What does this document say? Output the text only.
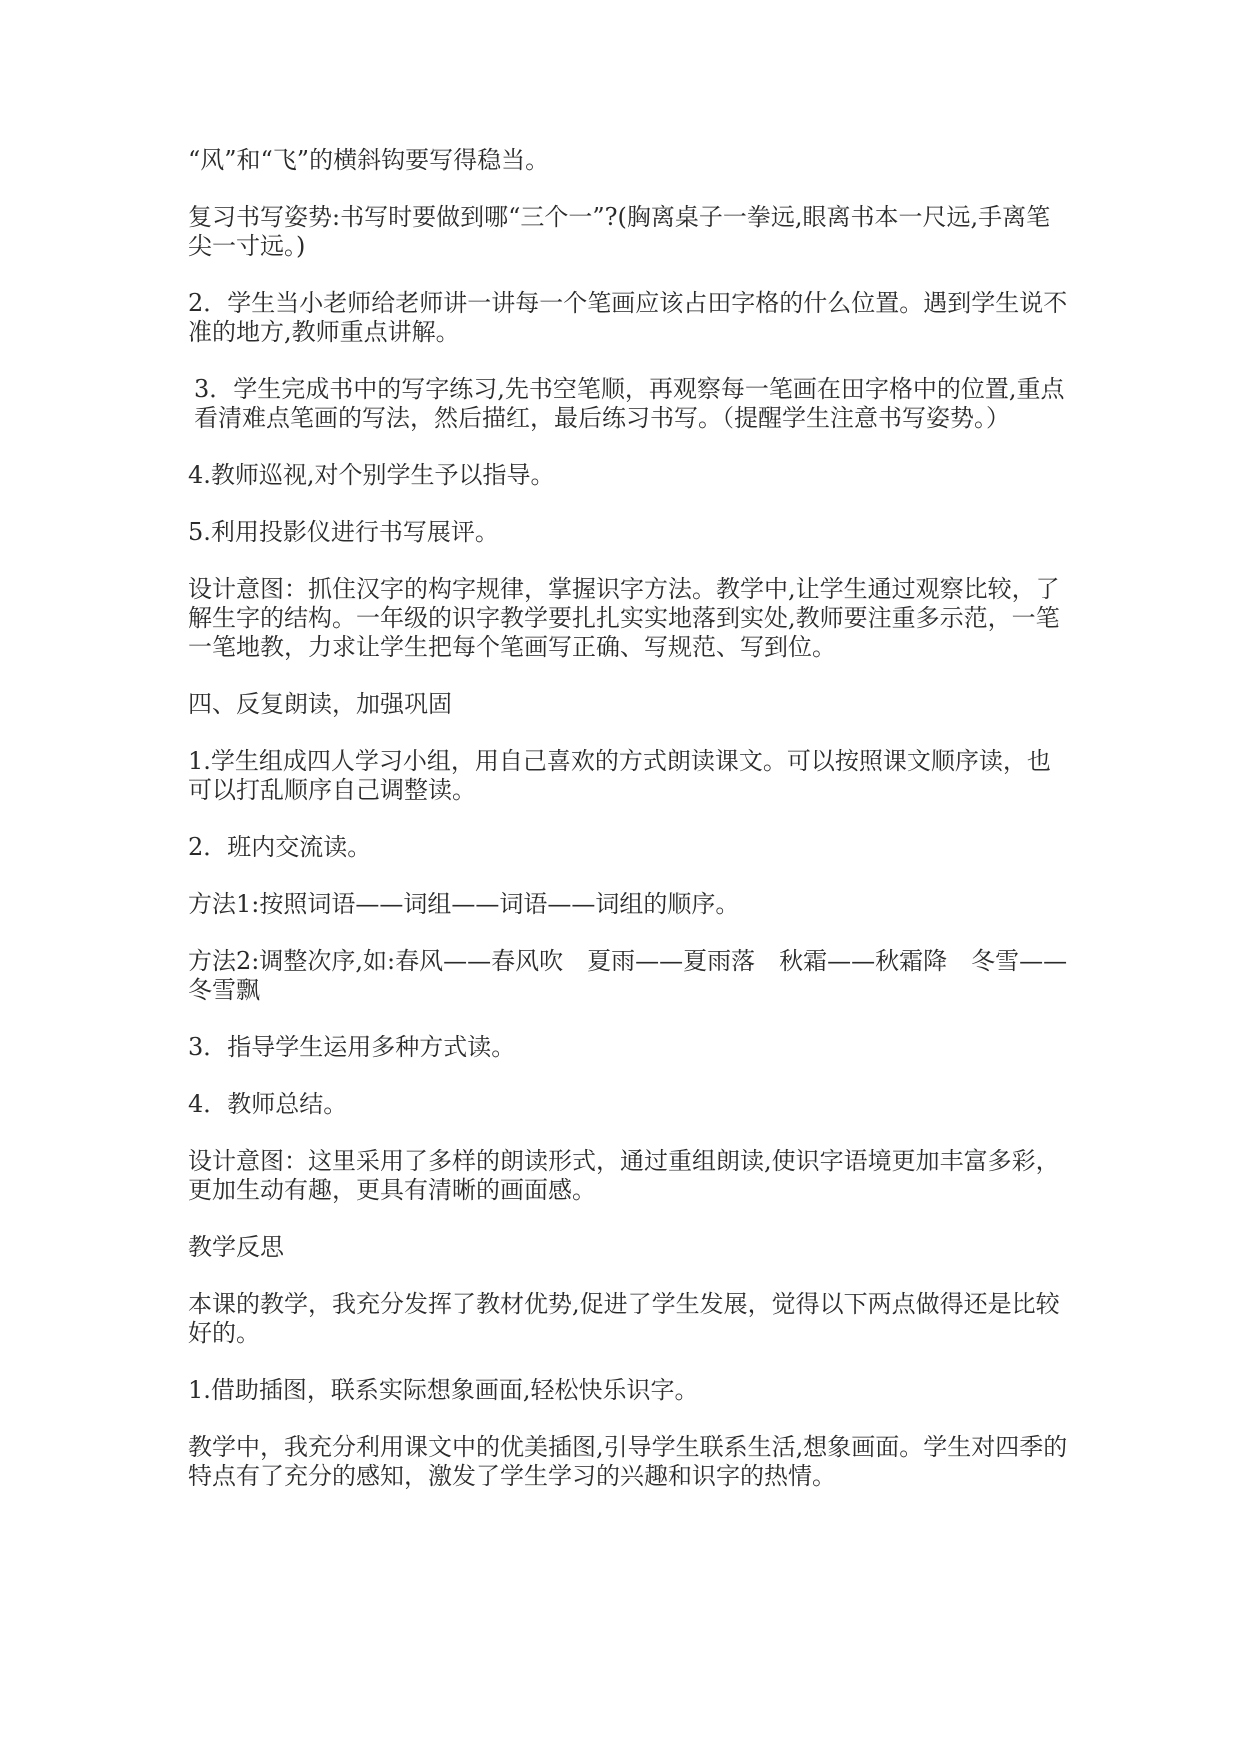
“风”和“飞”的横斜钩要写得稳当。

复习书写姿势:书写时要做到哪“三个一”?(胸离桌子一拳远,眼离书本一尺远,手离笔尖一寸远。)

2．学生当小老师给老师讲一讲每一个笔画应该占田字格的什么位置。遇到学生说不准的地方,教师重点讲解。

3．学生完成书中的写字练习,先书空笔顺，再观察每一笔画在田字格中的位置,重点看清难点笔画的写法，然后描红，最后练习书写。（提醒学生注意书写姿势。）

4.教师巡视,对个别学生予以指导。

5.利用投影仪进行书写展评。

设计意图：抓住汉字的构字规律，掌握识字方法。教学中,让学生通过观察比较，了解生字的结构。一年级的识字教学要扎扎实实地落到实处,教师要注重多示范，一笔一笔地教，力求让学生把每个笔画写正确、写规范、写到位。

四、反复朗读，加强巩固

1.学生组成四人学习小组，用自己喜欢的方式朗读课文。可以按照课文顺序读，也可以打乱顺序自己调整读。

2．班内交流读。

方法1:按照词语——词组——词语——词组的顺序。

方法2:调整次序,如:春风——春风吹　夏雨——夏雨落　秋霜——秋霜降　冬雪——冬雪飘

3．指导学生运用多种方式读。

4．教师总结。

设计意图：这里采用了多样的朗读形式，通过重组朗读,使识字语境更加丰富多彩，更加生动有趣，更具有清晰的画面感。

教学反思

本课的教学，我充分发挥了教材优势,促进了学生发展，觉得以下两点做得还是比较好的。

1.借助插图，联系实际想象画面,轻松快乐识字。

教学中，我充分利用课文中的优美插图,引导学生联系生活,想象画面。学生对四季的特点有了充分的感知，激发了学生学习的兴趣和识字的热情。
